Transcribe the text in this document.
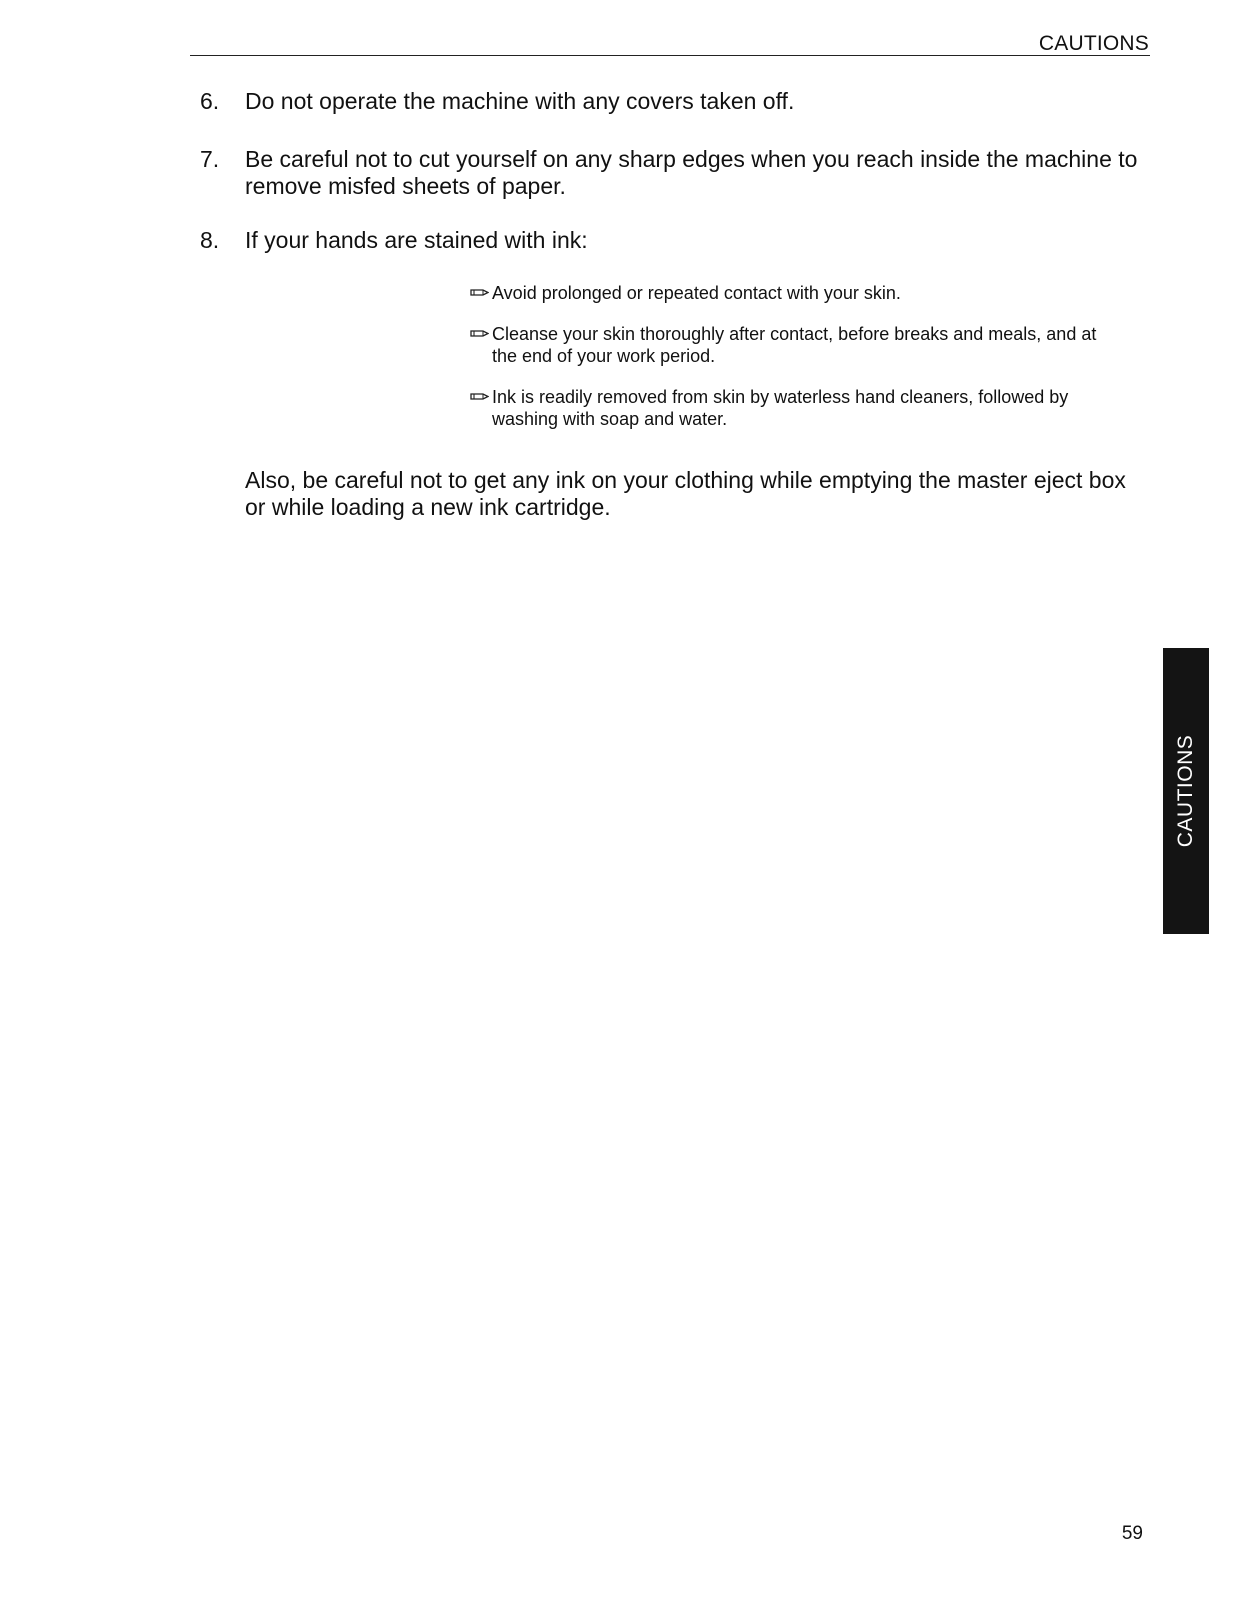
CAUTIONS
6.	Do not operate the machine with any covers taken off.
7.	Be careful not to cut yourself on any sharp edges when you reach inside the machine to remove misfed sheets of paper.
8.	If your hands are stained with ink:
Avoid prolonged or repeated contact with your skin.
Cleanse your skin thoroughly after contact, before breaks and meals, and at the end of your work period.
Ink is readily removed from skin by waterless hand cleaners, followed by washing with soap and water.
Also, be careful not to get any ink on your clothing while emptying the master eject box or while loading a new ink cartridge.
CAUTIONS
59
